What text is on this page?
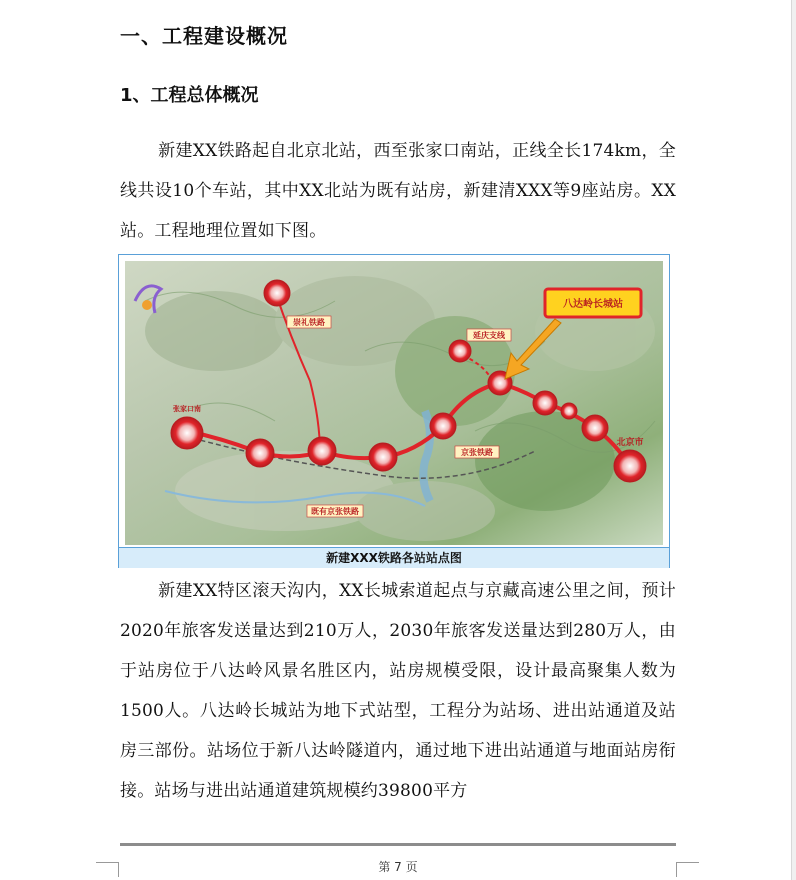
一、工程建设概况
1、工程总体概况
新建XX铁路起自北京北站，西至张家口南站，正线全长174km，全线共设10个车站，其中XX北站为既有站房，新建清XXX等9座站房。XX站。工程地理位置如下图。
崇礼铁路
延庆支线
京张铁路
既有京张铁路
北京市
张家口南
八达岭长城站
新建XXX铁路各站站点图
新建XX特区滚天沟内，XX长城索道起点与京藏高速公里之间，预计2020年旅客发送量达到210万人，2030年旅客发送量达到280万人，由于站房位于八达岭风景名胜区内，站房规模受限，设计最高聚集人数为1500人。八达岭长城站为地下式站型，工程分为站场、进出站通道及站房三部份。站场位于新八达岭隧道内，通过地下进出站通道与地面站房衔接。站场与进出站通道建筑规模约39800平方
第 7 页
